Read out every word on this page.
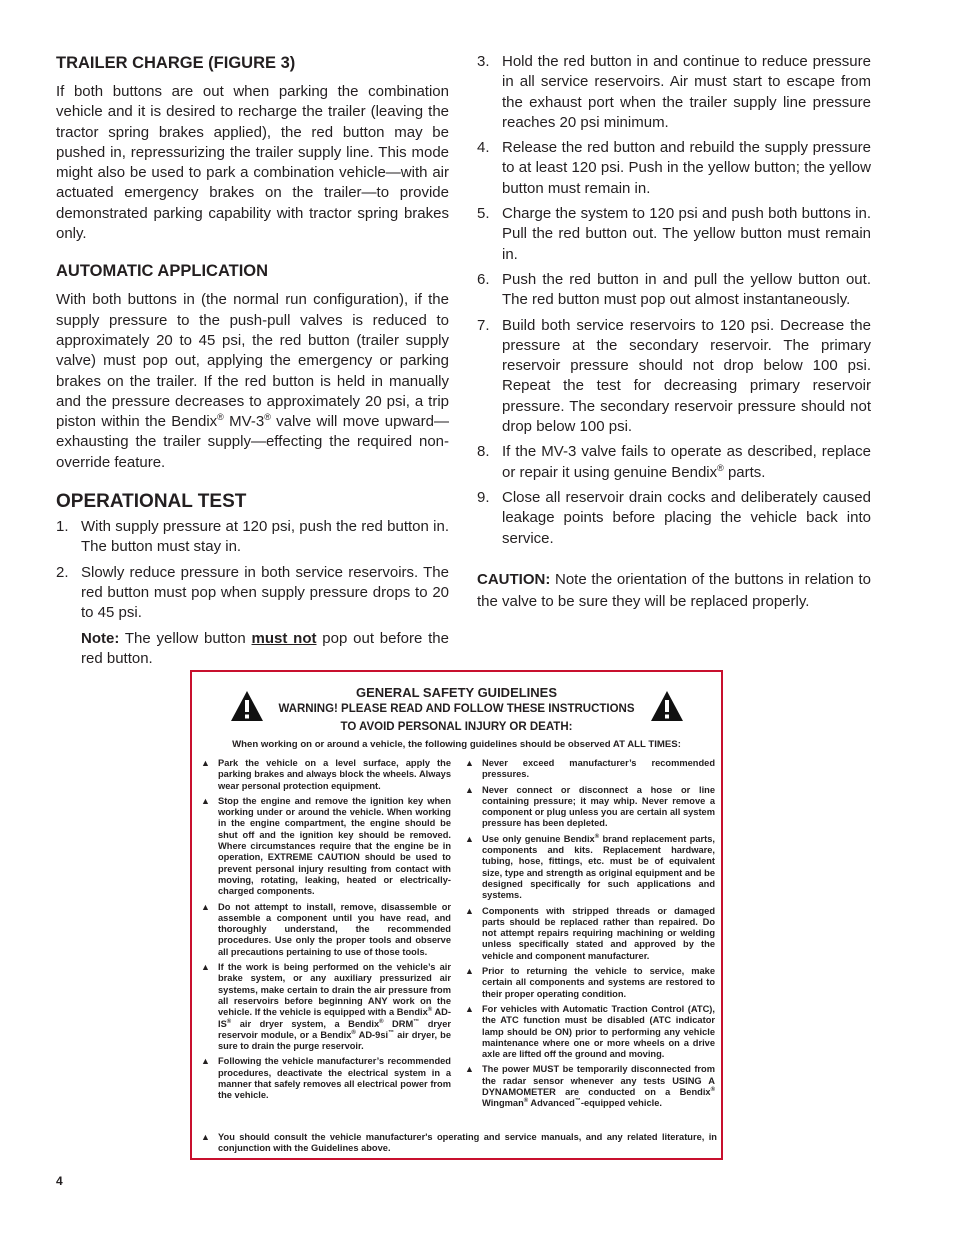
TRAILER CHARGE (FIGURE 3)

If both buttons are out when parking the combination vehicle and it is desired to recharge the trailer (leaving the tractor spring brakes applied), the red button may be pushed in, repressurizing the trailer supply line. This mode might also be used to park a combination vehicle—with air actuated emergency brakes on the trailer—to provide demonstrated parking capability with tractor spring brakes only.

AUTOMATIC APPLICATION

With both buttons in (the normal run configuration), if the supply pressure to the push-pull valves is reduced to approximately 20 to 45 psi, the red button (trailer supply valve) must pop out, applying the emergency or parking brakes on the trailer. If the red button is held in manually and the pressure decreases to approximately 20 psi, a trip piston within the Bendix® MV-3® valve will move upward—exhausting the trailer supply—effecting the required non-override feature.

OPERATIONAL TEST
1. With supply pressure at 120 psi, push the red button in. The button must stay in.
2. Slowly reduce pressure in both service reservoirs. The red button must pop when supply pressure drops to 20 to 45 psi.

Note: The yellow button must not pop out before the red button.

3. Hold the red button in and continue to reduce pressure in all service reservoirs. Air must start to escape from the exhaust port when the trailer supply line pressure reaches 20 psi minimum.
4. Release the red button and rebuild the supply pressure to at least 120 psi. Push in the yellow button; the yellow button must remain in.
5. Charge the system to 120 psi and push both buttons in. Pull the red button out. The yellow button must remain in.
6. Push the red button in and pull the yellow button out. The red button must pop out almost instantaneously.
7. Build both service reservoirs to 120 psi. Decrease the pressure at the secondary reservoir. The primary reservoir pressure should not drop below 100 psi. Repeat the test for decreasing primary reservoir pressure. The secondary reservoir pressure should not drop below 100 psi.
8. If the MV-3 valve fails to operate as described, replace or repair it using genuine Bendix® parts.
9. Close all reservoir drain cocks and deliberately caused leakage points before placing the vehicle back into service.

CAUTION: Note the orientation of the buttons in relation to the valve to be sure they will be replaced properly.

GENERAL SAFETY GUIDELINES
WARNING! PLEASE READ AND FOLLOW THESE INSTRUCTIONS
TO AVOID PERSONAL INJURY OR DEATH:
When working on or around a vehicle, the following guidelines should be observed AT ALL TIMES:
▲ Park the vehicle on a level surface, apply the parking brakes and always block the wheels. Always wear personal protection equipment.
▲ Stop the engine and remove the ignition key when working under or around the vehicle. When working in the engine compartment, the engine should be shut off and the ignition key should be removed. Where circumstances require that the engine be in operation, EXTREME CAUTION should be used to prevent personal injury resulting from contact with moving, rotating, leaking, heated or electrically-charged components.
▲ Do not attempt to install, remove, disassemble or assemble a component until you have read, and thoroughly understand, the recommended procedures. Use only the proper tools and observe all precautions pertaining to use of those tools.
▲ If the work is being performed on the vehicle’s air brake system, or any auxiliary pressurized air systems, make certain to drain the air pressure from all reservoirs before beginning ANY work on the vehicle. If the vehicle is equipped with a Bendix® AD-IS® air dryer system, a Bendix® DRM™ dryer reservoir module, or a Bendix® AD-9si™ air dryer, be sure to drain the purge reservoir.
▲ Following the vehicle manufacturer’s recommended procedures, deactivate the electrical system in a manner that safely removes all electrical power from the vehicle.
▲ Never exceed manufacturer’s recommended pressures.
▲ Never connect or disconnect a hose or line containing pressure; it may whip. Never remove a component or plug unless you are certain all system pressure has been depleted.
▲ Use only genuine Bendix® brand replacement parts, components and kits. Replacement hardware, tubing, hose, fittings, etc. must be of equivalent size, type and strength as original equipment and be designed specifically for such applications and systems.
▲ Components with stripped threads or damaged parts should be replaced rather than repaired. Do not attempt repairs requiring machining or welding unless specifically stated and approved by the vehicle and component manufacturer.
▲ Prior to returning the vehicle to service, make certain all components and systems are restored to their proper operating condition.
▲ For vehicles with Automatic Traction Control (ATC), the ATC function must be disabled (ATC indicator lamp should be ON) prior to performing any vehicle maintenance where one or more wheels on a drive axle are lifted off the ground and moving.
▲ The power MUST be temporarily disconnected from the radar sensor whenever any tests USING A DYNAMOMETER are conducted on a Bendix® Wingman® Advanced™-equipped vehicle.
▲ You should consult the vehicle manufacturer's operating and service manuals, and any related literature, in conjunction with the Guidelines above.
4
